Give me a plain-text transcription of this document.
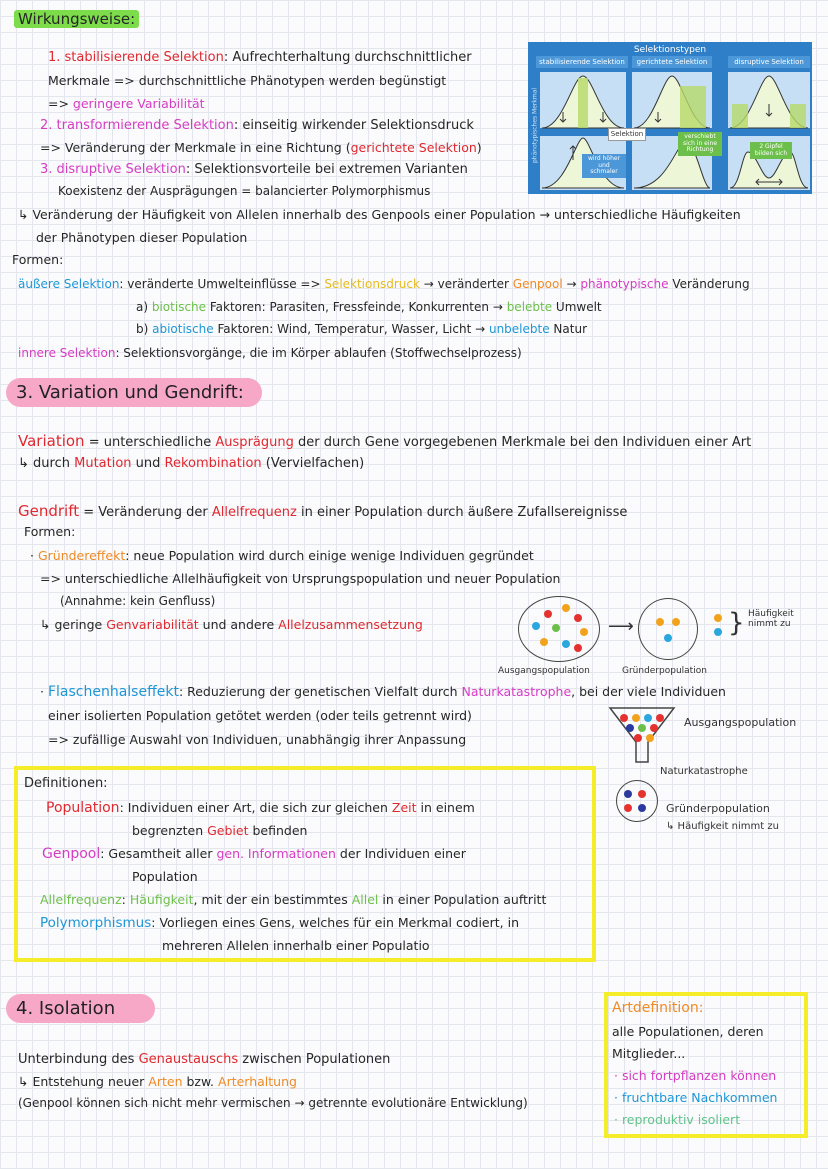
Wirkungsweise:
1. stabilisierende Selektion: Aufrechterhaltung durchschnittlicher
Merkmale => durchschnittliche Phänotypen werden begünstigt
=> geringere Variabilität
2. transformierende Selektion: einseitig wirkender Selektionsdruck
=> Veränderung der Merkmale in eine Richtung (gerichtete Selektion)
3. disruptive Selektion: Selektionsvorteile bei extremen Varianten
Koexistenz der Ausprägungen = balancierter Polymorphismus
↳ Veränderung der Häufigkeit von Allelen innerhalb des Genpools einer Population → unterschiedliche Häufigkeiten
der Phänotypen dieser Population
Formen:
äußere Selektion: veränderte Umwelteinflüsse => Selektionsdruck → veränderter Genpool → phänotypische Veränderung
a) biotische Faktoren: Parasiten, Fressfeinde, Konkurrenten → belebte Umwelt
b) abiotische Faktoren: Wind, Temperatur, Wasser, Licht → unbelebte Natur
innere Selektion: Selektionsvorgänge, die im Körper ablaufen (Stoffwechselprozess)
Selektionstypen
stabilisierende Selektion	gerichtete Selektion	disruptive Selektion
phänotypisches Merkmal	Selektion
wird höher und schmaler
verschiebt sich in eine Richtung	2 Gipfel bilden sich
3. Variation und Gendrift:
Variation = unterschiedliche Ausprägung der durch Gene vorgegebenen Merkmale bei den Individuen einer Art
↳ durch Mutation und Rekombination (Vervielfachen)
Gendrift = Veränderung der Allelfrequenz in einer Population durch äußere Zufallsereignisse
Formen:
· Gründereffekt: neue Population wird durch einige wenige Individuen gegründet
=> unterschiedliche Allelhäufigkeit von Ursprungspopulation und neuer Population
(Annahme: kein Genfluss)
↳ geringe Genvariabilität und andere Allelzusammensetzung	⟶	} Häufigkeit nimmt zu
Ausgangspopulation	Gründerpopulation
· Flaschenhalseffekt: Reduzierung der genetischen Vielfalt durch Naturkatastrophe, bei der viele Individuen
einer isolierten Population getötet werden (oder teils getrennt wird)
=> zufällige Auswahl von Individuen, unabhängig ihrer Anpassung
Ausgangspopulation
Naturkatastrophe
Gründerpopulation
↳ Häufigkeit nimmt zu
Definitionen:
Population: Individuen einer Art, die sich zur gleichen Zeit in einem
begrenzten Gebiet befinden
Genpool: Gesamtheit aller gen. Informationen der Individuen einer
Population
Allelfrequenz: Häufigkeit, mit der ein bestimmtes Allel in einer Population auftritt
Polymorphismus: Vorliegen eines Gens, welches für ein Merkmal codiert, in
mehreren Allelen innerhalb einer Populatio
4. Isolation
Unterbindung des Genaustauschs zwischen Populationen
↳ Entstehung neuer Arten bzw. Arterhaltung
(Genpool können sich nicht mehr vermischen → getrennte evolutionäre Entwicklung)
Artdefinition:
alle Populationen, deren
Mitglieder...
· sich fortpflanzen können
· fruchtbare Nachkommen
· reproduktiv isoliert
